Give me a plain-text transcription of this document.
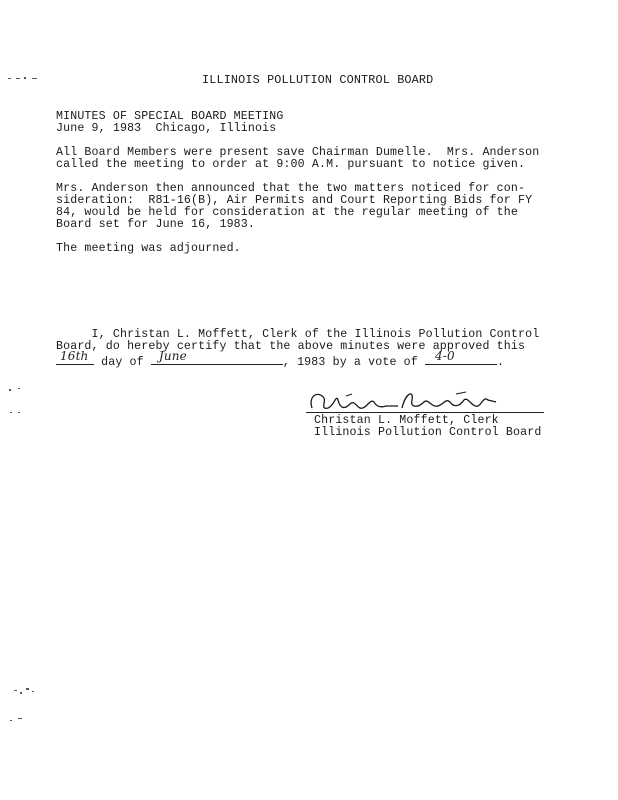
ILLINOIS POLLUTION CONTROL BOARD
MINUTES OF SPECIAL BOARD MEETING
June 9, 1983  Chicago, Illinois
All Board Members were present save Chairman Dumelle.  Mrs. Anderson
called the meeting to order at 9:00 A.M. pursuant to notice given.
Mrs. Anderson then announced that the two matters noticed for con-
sideration:  R81-16(B), Air Permits and Court Reporting Bids for FY
84, would be held for consideration at the regular meeting of the
Board set for June 16, 1983.
The meeting was adjourned.
I, Christan L. Moffett, Clerk of the Illinois Pollution Control
Board, do hereby certify that the above minutes were approved this
16th day of June	, 1983 by a vote of 4-0	.
Christan L. Moffett, Clerk
Illinois Pollution Control Board
